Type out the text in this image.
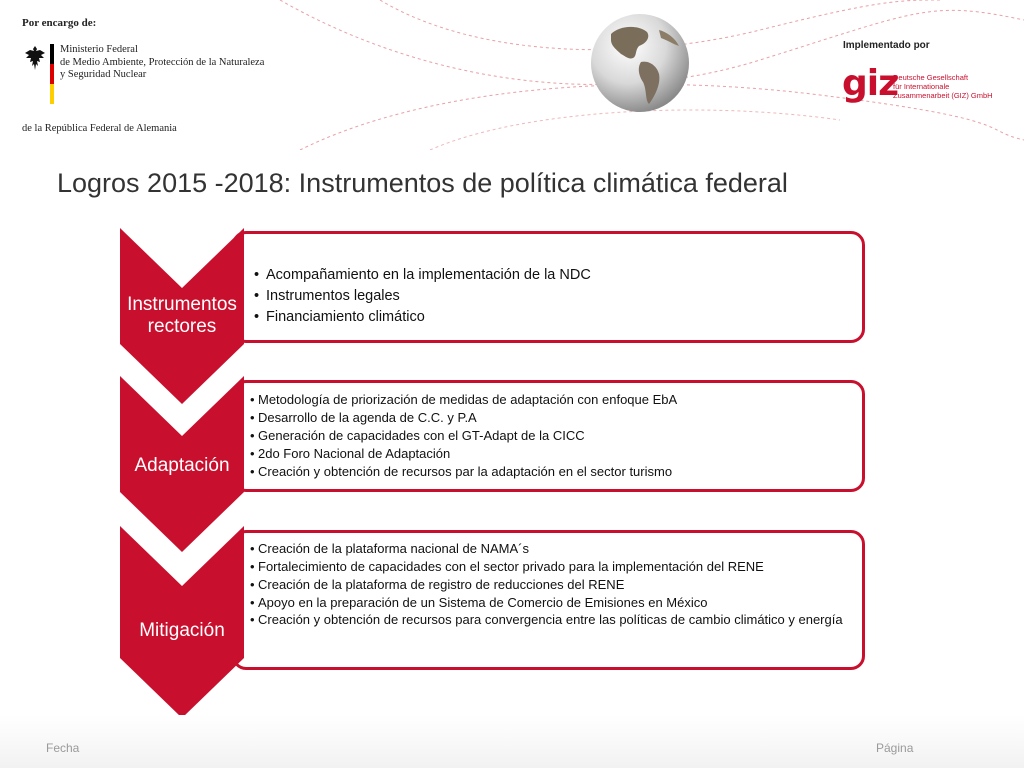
Por encargo de:
Ministerio Federal
de Medio Ambiente, Protección de la Naturaleza
y Seguridad Nuclear
de la República Federal de Alemania
Implementado por
giz
Deutsche Gesellschaft
für Internationale
Zusammenarbeit (GIZ) GmbH
Logros 2015 -2018: Instrumentos de política climática federal
Instrumentos rectores
• Acompañamiento en la implementación de la NDC
• Instrumentos legales
• Financiamiento climático
Adaptación
• Metodología de priorización de medidas de adaptación con enfoque EbA
• Desarrollo de la agenda de C.C. y P.A
• Generación de capacidades con el GT-Adapt de la CICC
• 2do Foro Nacional de Adaptación
• Creación y obtención de recursos par la adaptación en el sector turismo
Mitigación
• Creación de la plataforma nacional de NAMA´s
• Fortalecimiento de capacidades con el sector privado para la implementación del RENE
• Creación de la plataforma de registro de reducciones del RENE
• Apoyo en la preparación de un Sistema de Comercio de Emisiones en México
• Creación y obtención de recursos para convergencia entre las políticas de cambio climático y energía
Fecha	Página
